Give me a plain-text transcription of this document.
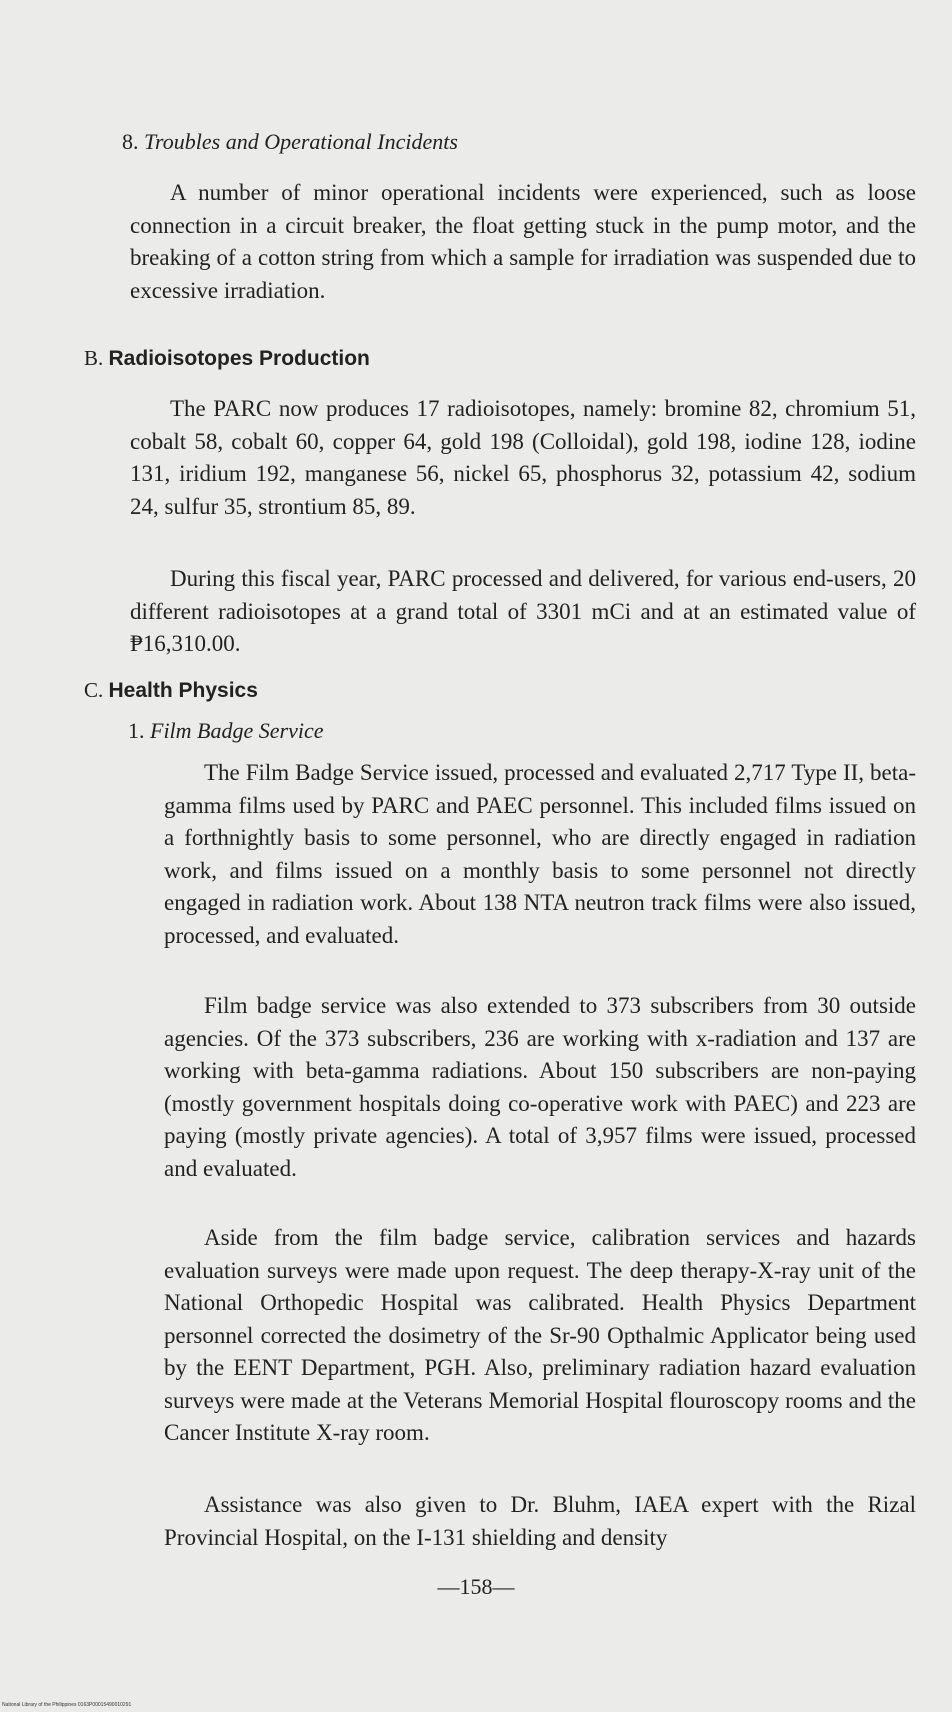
8. Troubles and Operational Incidents

A number of minor operational incidents were experienced, such as loose connection in a circuit breaker, the float getting stuck in the pump motor, and the breaking of a cotton string from which a sample for irradiation was suspended due to excessive irradiation.

B. Radioisotopes Production

The PARC now produces 17 radioisotopes, namely: bromine 82, chromium 51, cobalt 58, cobalt 60, copper 64, gold 198 (Colloidal), gold 198, iodine 128, iodine 131, iridium 192, manganese 56, nickel 65, phosphorus 32, potassium 42, sodium 24, sulfur 35, strontium 85, 89.

During this fiscal year, PARC processed and delivered, for various end-users, 20 different radioisotopes at a grand total of 3301 mCi and at an estimated value of ₱16,310.00.

C. Health Physics
1. Film Badge Service

The Film Badge Service issued, processed and evaluated 2,717 Type II, beta-gamma films used by PARC and PAEC personnel. This included films issued on a forthnightly basis to some personnel, who are directly engaged in radiation work, and films issued on a monthly basis to some personnel not directly engaged in radiation work. About 138 NTA neutron track films were also issued, processed, and evaluated.

Film badge service was also extended to 373 subscribers from 30 outside agencies. Of the 373 subscribers, 236 are working with x-radiation and 137 are working with beta-gamma radiations. About 150 subscribers are non-paying (mostly government hospitals doing co-operative work with PAEC) and 223 are paying (mostly private agencies). A total of 3,957 films were issued, processed and evaluated.

Aside from the film badge service, calibration services and hazards evaluation surveys were made upon request. The deep therapy-X-ray unit of the National Orthopedic Hospital was calibrated. Health Physics Department personnel corrected the dosimetry of the Sr-90 Opthalmic Applicator being used by the EENT Department, PGH. Also, preliminary radiation hazard evaluation surveys were made at the Veterans Memorial Hospital flouroscopy rooms and the Cancer Institute X-ray room.

Assistance was also given to Dr. Bluhm, IAEA expert with the Rizal Provincial Hospital, on the I-131 shielding and density

—158—
National Library of the Philippines 0163P00015490010291
